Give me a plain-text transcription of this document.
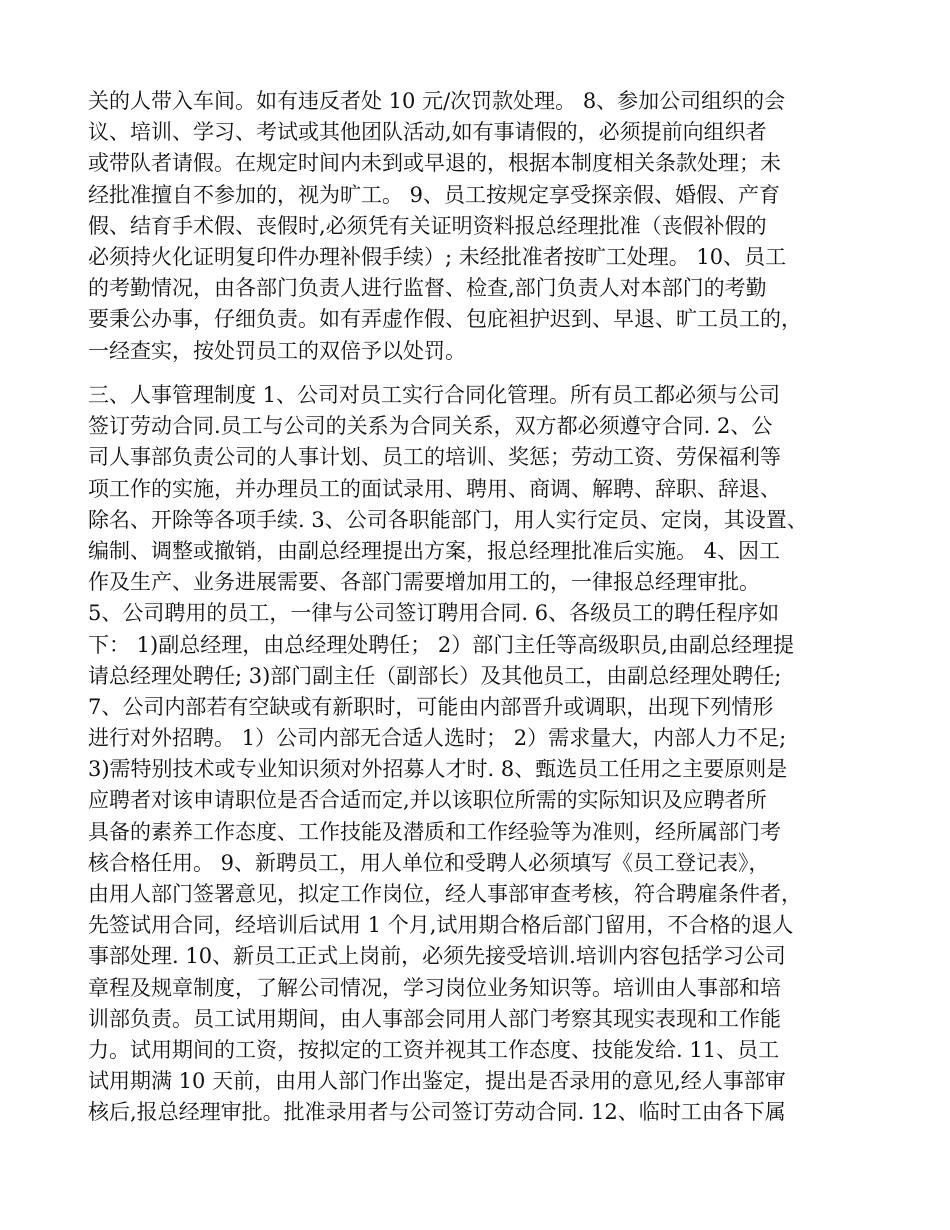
关的人带入车间。如有违反者处 10 元/次罚款处理。 8、参加公司组织的会
议、培训、学习、考试或其他团队活动,如有事请假的，必须提前向组织者
或带队者请假。在规定时间内未到或早退的，根据本制度相关条款处理；未
经批准擅自不参加的，视为旷工。 9、员工按规定享受探亲假、婚假、产育
假、结育手术假、丧假时,必须凭有关证明资料报总经理批准（丧假补假的
必须持火化证明复印件办理补假手续）; 未经批准者按旷工处理。 10、员工
的考勤情况，由各部门负责人进行监督、检查,部门负责人对本部门的考勤
要秉公办事，仔细负责。如有弄虚作假、包庇袒护迟到、早退、旷工员工的，
一经查实，按处罚员工的双倍予以处罚。
三、人事管理制度 1、公司对员工实行合同化管理。所有员工都必须与公司
签订劳动合同.员工与公司的关系为合同关系，双方都必须遵守合同. 2、公
司人事部负责公司的人事计划、员工的培训、奖惩；劳动工资、劳保福利等
项工作的实施，并办理员工的面试录用、聘用、商调、解聘、辞职、辞退、
除名、开除等各项手续. 3、公司各职能部门，用人实行定员、定岗，其设置、
编制、调整或撤销，由副总经理提出方案，报总经理批准后实施。 4、因工
作及生产、业务进展需要、各部门需要增加用工的，一律报总经理审批。
5、公司聘用的员工，一律与公司签订聘用合同. 6、各级员工的聘任程序如
下： 1)副总经理，由总经理处聘任； 2）部门主任等高级职员,由副总经理提
请总经理处聘任; 3)部门副主任（副部长）及其他员工，由副总经理处聘任;
7、公司内部若有空缺或有新职时，可能由内部晋升或调职，出现下列情形
进行对外招聘。 1）公司内部无合适人选时； 2）需求量大，内部人力不足;
3)需特别技术或专业知识须对外招募人才时. 8、甄选员工任用之主要原则是
应聘者对该申请职位是否合适而定,并以该职位所需的实际知识及应聘者所
具备的素养工作态度、工作技能及潜质和工作经验等为准则，经所属部门考
核合格任用。 9、新聘员工，用人单位和受聘人必须填写《员工登记表》，
由用人部门签署意见，拟定工作岗位，经人事部审查考核，符合聘雇条件者，
先签试用合同，经培训后试用 1 个月,试用期合格后部门留用，不合格的退人
事部处理. 10、新员工正式上岗前，必须先接受培训.培训内容包括学习公司
章程及规章制度，了解公司情况，学习岗位业务知识等。培训由人事部和培
训部负责。员工试用期间，由人事部会同用人部门考察其现实表现和工作能
力。试用期间的工资，按拟定的工资并视其工作态度、技能发给. 11、员工
试用期满 10 天前，由用人部门作出鉴定，提出是否录用的意见,经人事部审
核后,报总经理审批。批准录用者与公司签订劳动合同. 12、临时工由各下属
